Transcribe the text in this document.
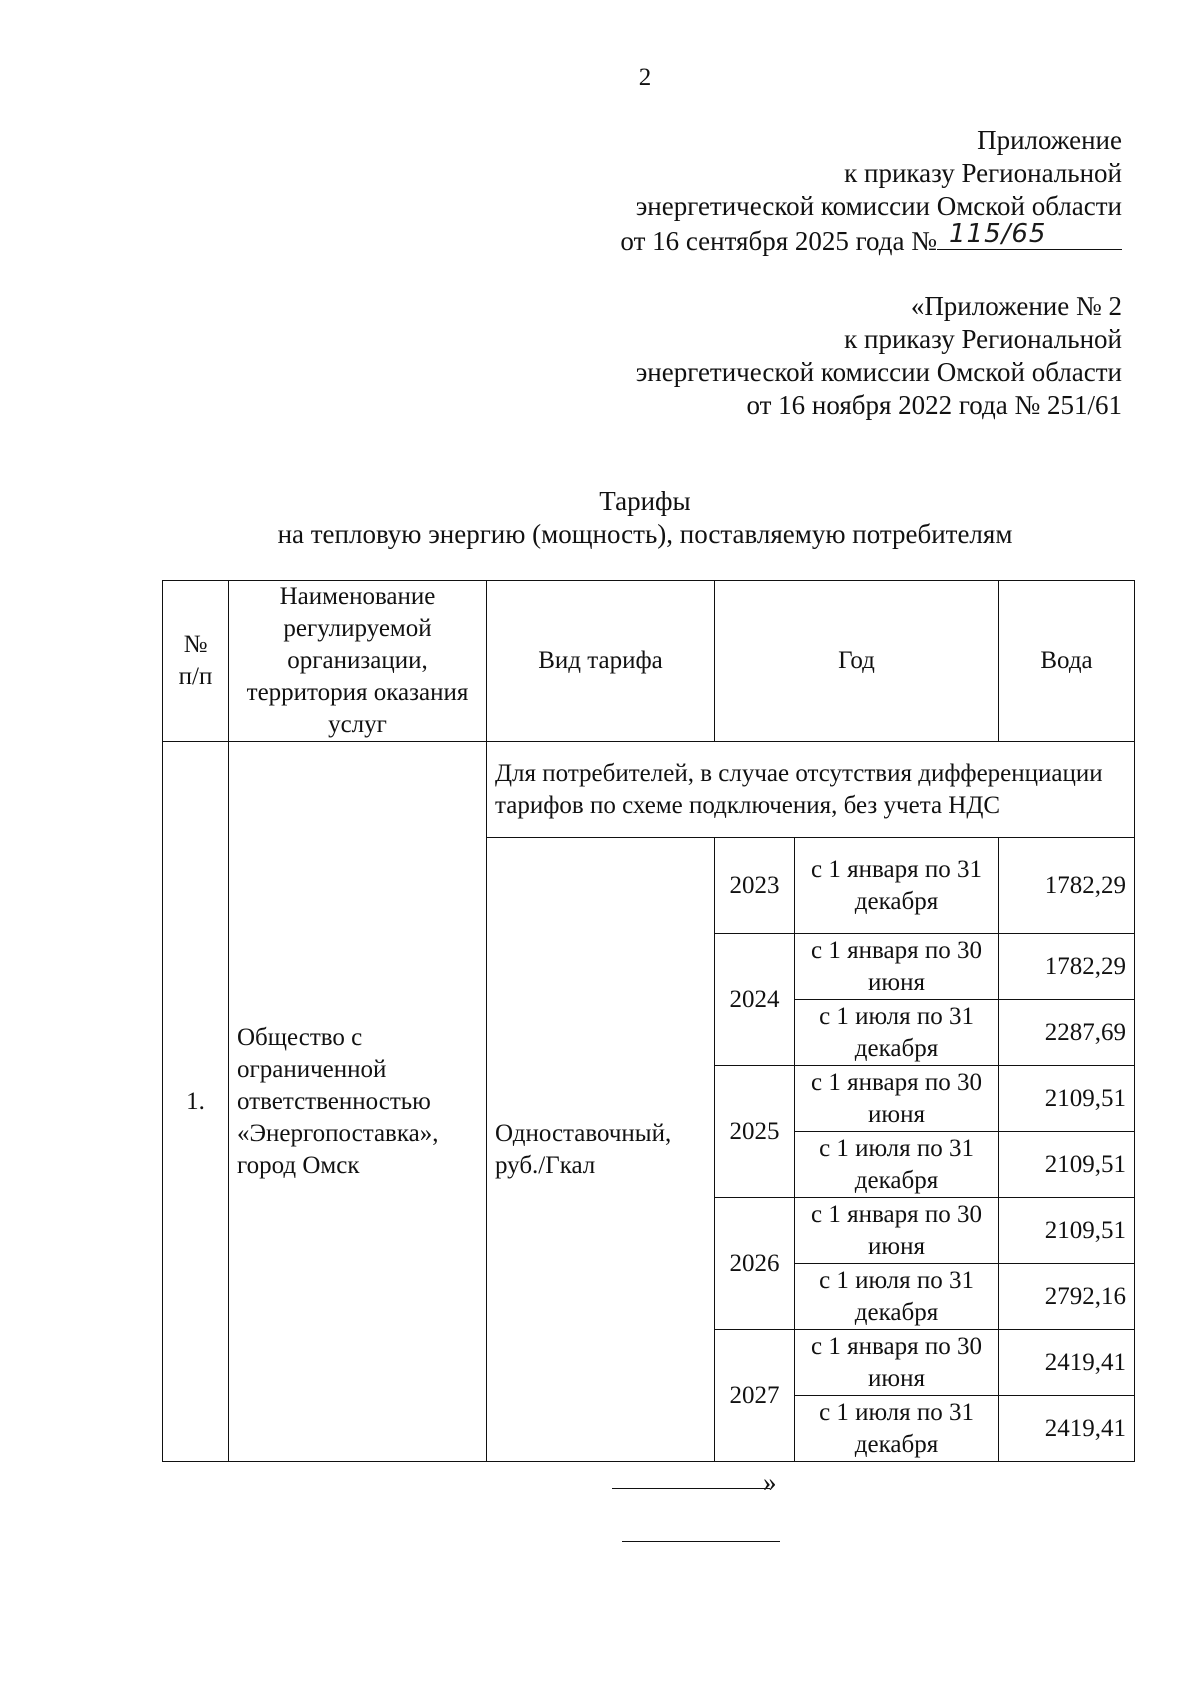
2
Приложение
к приказу Региональной
энергетической комиссии Омской области
от 16 сентября 2025 года № 115/65
«Приложение № 2
к приказу Региональной
энергетической комиссии Омской области
от 16 ноября 2022 года № 251/61
Тарифы
на тепловую энергию (мощность), поставляемую потребителям
№ п/п	Наименование регулируемой организации, территория оказания услуг	Вид тарифа	Год		Вода
1.	Общество с ограниченной ответственностью «Энергопоставка», город Омск	Для потребителей, в случае отсутствия дифференциации тарифов по схеме подключения, без учета НДС			
		Одноставочный, руб./Гкал	2023	с 1 января по 31 декабря	1782,29
			2024	с 1 января по 30 июня	1782,29
				с 1 июля по 31 декабря	2287,69
			2025	с 1 января по 30 июня	2109,51
				с 1 июля по 31 декабря	2109,51
			2026	с 1 января по 30 июня	2109,51
				с 1 июля по 31 декабря	2792,16
			2027	с 1 января по 30 июня	2419,41
				с 1 июля по 31 декабря	2419,41
»
